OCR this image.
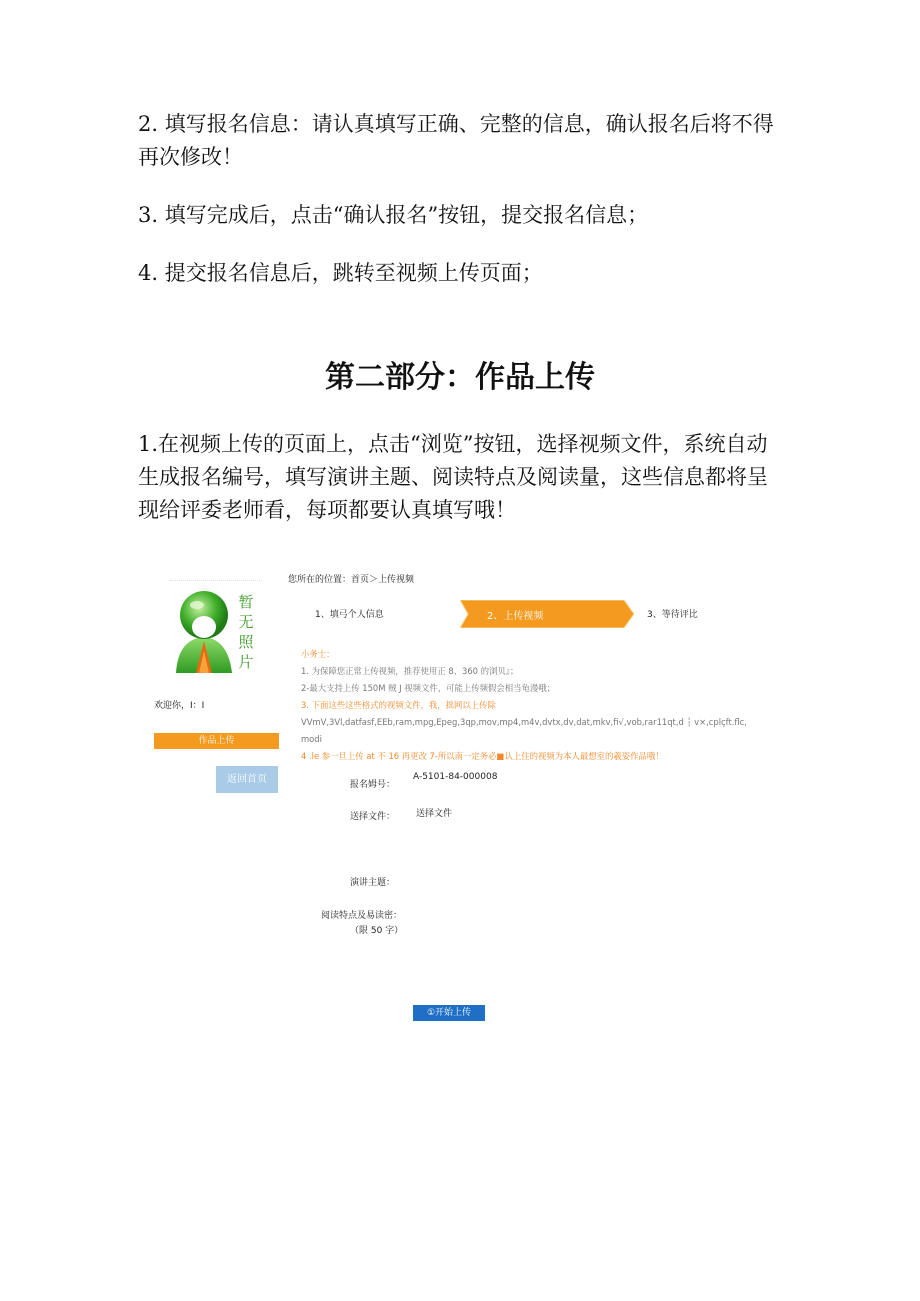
2. 填写报名信息：请认真填写正确、完整的信息，确认报名后将不得再次修改！

3. 填写完成后，点击“确认报名”按钮，提交报名信息；

4. 提交报名信息后，跳转至视频上传页面；

第二部分：作品上传

1.在视频上传的页面上，点击“浏览”按钮，选择视频文件，系统自动生成报名编号，填写演讲主题、阅读特点及阅读量，这些信息都将呈现给评委老师看，每项都要认真填写哦！

暂
无
照
片
欢迎你，I：I
作品上传
返回首页
您所在的位置：首页＞上传视频
1、填弓个人信息	2、上传视频	3、等待评比
小务士：
1. 为保障您正常上传视频，推荐使用正 8、360 的浏贝』；
2-最大支持上传 150M 贼 J 视频文件，可能上传频假会相当龟漫哦；
3. 下面这些这些格式的视频文件，我，拙网以上传除
VVmV,3Vl,datfasf,EEb,ram,mpg,Epeg,3qp,mov,mp4,m4v,dvtx,dv,dat,mkv,fi√,vob,rar11qt,d ┆ v×,cplçft.flc,
modi
4 .le 参一旦上传 at 不 16 再更改 7-所以南一定务必■认上住的视频为本人最想室的羲姿作品哦！
报名姆号：
A-5101-84-000008
送择文件： 送择文件
演讲主题：
阅读特点及易读密：
（限 50 字）
①开始上传
